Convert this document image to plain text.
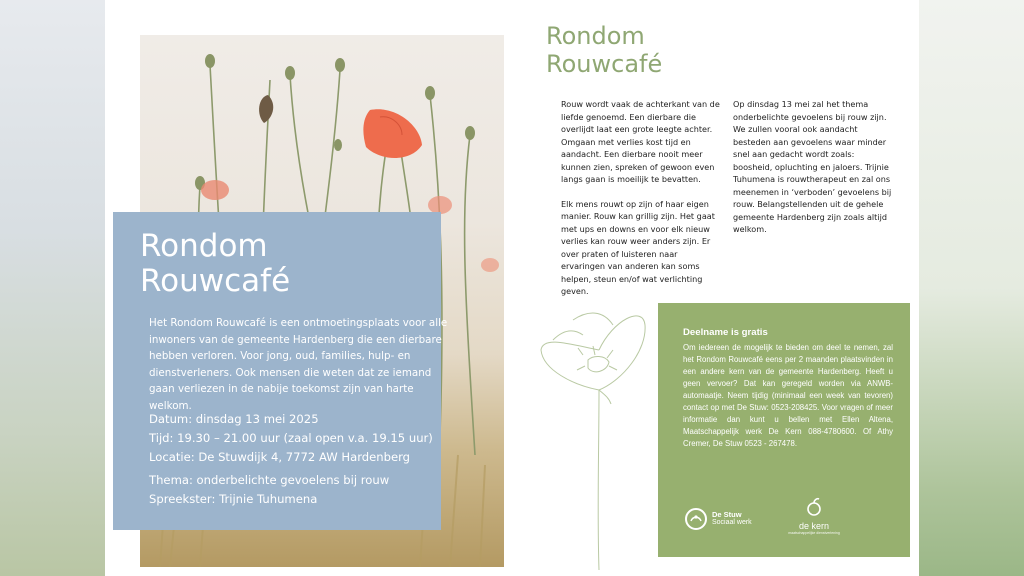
Rondom Rouwcafé
Het Rondom Rouwcafé is een ontmoetingsplaats voor alle inwoners van de gemeente Hardenberg die een dierbare hebben verloren. Voor jong, oud, families, hulp- en dienstverleners. Ook mensen die weten dat ze iemand gaan verliezen in de nabije toekomst zijn van harte welkom.
Datum: dinsdag 13 mei 2025
Tijd: 19.30 – 21.00 uur (zaal open v.a. 19.15 uur)
Locatie: De Stuwdijk 4, 7772 AW Hardenberg
Thema: onderbelichte gevoelens bij rouw
Spreekster: Trijnie Tuhumena
Rondom Rouwcafé

Rouw wordt vaak de achterkant van de liefde genoemd. Een dierbare die overlijdt laat een grote leegte achter. Omgaan met verlies kost tijd en aandacht. Een dierbare nooit meer kunnen zien, spreken of gewoon even langs gaan is moeilijk te bevatten.

Elk mens rouwt op zijn of haar eigen manier. Rouw kan grillig zijn. Het gaat met ups en downs en voor elk nieuw verlies kan rouw weer anders zijn. Er over praten of luisteren naar ervaringen van anderen kan soms helpen, steun en/of wat verlichting geven.

Op dinsdag 13 mei zal het thema onderbelichte gevoelens bij rouw zijn. We zullen vooral ook aandacht besteden aan gevoelens waar minder snel aan gedacht wordt zoals: boosheid, opluchting en jaloers. Trijnie Tuhumena is rouwtherapeut en zal ons meenemen in ‘verboden’ gevoelens bij rouw. Belangstellenden uit de gehele gemeente Hardenberg zijn zoals altijd welkom.

Deelname is gratis
Om iedereen de mogelijk te bieden om deel te nemen, zal het Rondom Rouwcafé eens per 2 maanden plaatsvinden in een andere kern van de gemeente Hardenberg. Heeft u geen vervoer? Dat kan geregeld worden via ANWB-automaatje. Neem tijdig (minimaal een week van tevoren) contact op met De Stuw: 0523-208425. Voor vragen of meer informatie dan kunt u bellen met Ellen Altena, Maatschappelijk werk De Kern 088-4780600. Of Athy Cremer, De Stuw 0523 - 267478.
De Stuw
Sociaal werk	de kern
maatschappelijke dienstverlening
